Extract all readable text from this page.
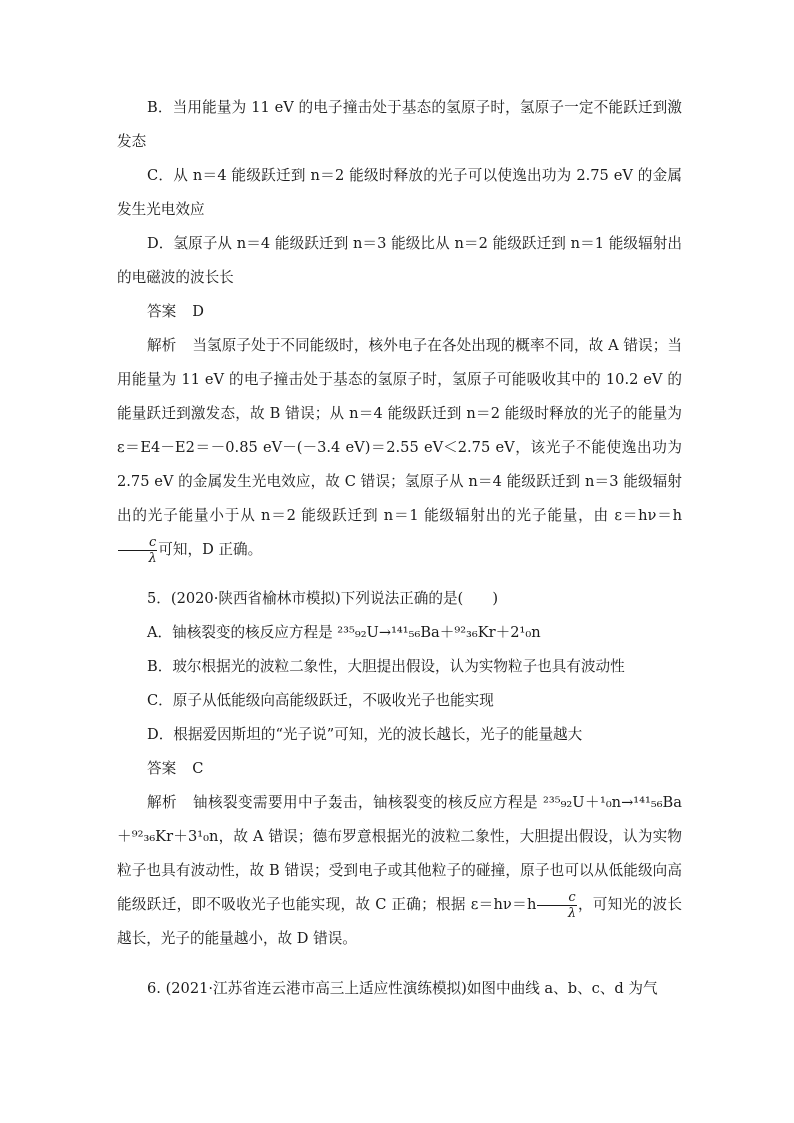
B．当用能量为 11 eV 的电子撞击处于基态的氢原子时，氢原子一定不能跃迁到激发态

C．从 n＝4 能级跃迁到 n＝2 能级时释放的光子可以使逸出功为 2.75 eV 的金属发生光电效应

D．氢原子从 n＝4 能级跃迁到 n＝3 能级比从 n＝2 能级跃迁到 n＝1 能级辐射出的电磁波的波长长

答案 D

解析 当氢原子处于不同能级时，核外电子在各处出现的概率不同，故 A 错误；当用能量为 11 eV 的电子撞击处于基态的氢原子时，氢原子可能吸收其中的 10.2 eV 的能量跃迁到激发态，故 B 错误；从 n＝4 能级跃迁到 n＝2 能级时释放的光子的能量为 ε＝E4－E2＝－0.85 eV－(－3.4 eV)＝2.55 eV＜2.75 eV，该光子不能使逸出功为 2.75 eV 的金属发生光电效应，故 C 错误；氢原子从 n＝4 能级跃迁到 n＝3 能级辐射出的光子能量小于从 n＝2 能级跃迁到 n＝1 能级辐射出的光子能量，由 ε＝hν＝h
$\frac{c}{\lambda}$ 可知，D 正确。

5．(2020·陕西省榆林市模拟)下列说法正确的是(　　)

A．铀核裂变的核反应方程是 ²³⁵₉₂U→¹⁴¹₅₆Ba＋⁹²₃₆Kr＋2¹₀n

B．玻尔根据光的波粒二象性，大胆提出假设，认为实物粒子也具有波动性

C．原子从低能级向高能级跃迁，不吸收光子也能实现

D．根据爱因斯坦的“光子说”可知，光的波长越长，光子的能量越大

答案 C

解析 铀核裂变需要用中子轰击，铀核裂变的核反应方程是 ²³⁵₉₂U＋¹₀n→¹⁴¹₅₆Ba＋⁹²₃₆Kr＋3¹₀n，故 A 错误；德布罗意根据光的波粒二象性，大胆提出假设，认为实物粒子也具有波动性，故 B 错误；受到电子或其他粒子的碰撞，原子也可以从低能级向高能级跃迁，即不吸收光子也能实现，故 C 正确；根据 $\varepsilon=h\nu=h \frac{c}{\lambda}$ ，可知光的波长越长，光子的能量越小，故 D 错误。

6. (2021·江苏省连云港市高三上适应性演练模拟)如图中曲线 a、b、c、d 为气
